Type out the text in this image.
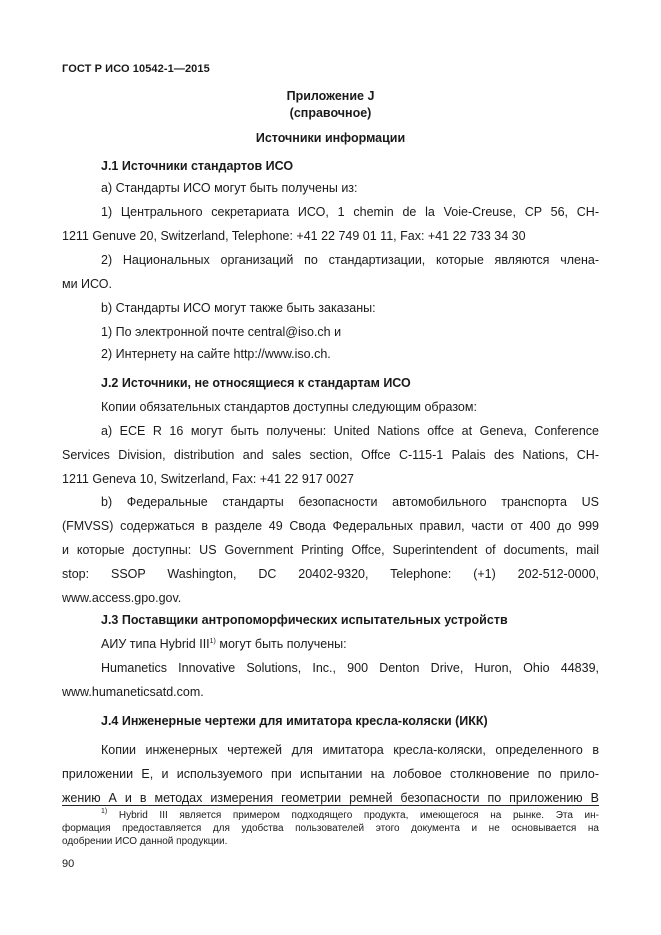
ГОСТ Р ИСО 10542-1—2015
Приложение J
(справочное)
Источники информации
J.1 Источники стандартов ИСО
а) Стандарты ИСО могут быть получены из:
1) Центрального секретариата ИСО, 1 chemin de la Voie-Creuse, CP 56, CH-
1211 Genuve 20, Switzerland, Telephone: +41 22 749 01 11, Fax: +41 22 733 34 30
2) Национальных организаций по стандартизации, которые являются члена-
ми ИСО.
b) Стандарты ИСО могут также быть заказаны:
1) По электронной почте central@iso.ch и
2) Интернету на сайте http://www.iso.ch.
J.2 Источники, не относящиеся к стандартам ИСО
Копии обязательных стандартов доступны следующим образом:
а) ECE R 16 могут быть получены: United Nations offce at Geneva, Conference
Services Division, distribution and sales section, Offce C-115-1 Palais des Nations, CH-
1211 Geneva 10, Switzerland, Fax: +41 22 917 0027
b) Федеральные стандарты безопасности автомобильного транспорта US
(FMVSS) содержаться в разделе 49 Свода Федеральных правил, части от 400 до 999
и которые доступны: US Government Printing Offce, Superintendent of documents, mail
stop: SSOP Washington, DC 20402-9320, Telephone: (+1) 202-512-0000,
www.access.gpo.gov.
J.3 Поставщики антропоморфических испытательных устройств
АИУ типа Hybrid III$^{1)}$ могут быть получены:
Humanetics Innovative Solutions, Inc., 900 Denton Drive, Huron, Ohio 44839,
www.humaneticsatd.com.
J.4 Инженерные чертежи для имитатора кресла-коляски (ИКК)
Копии инженерных чертежей для имитатора кресла-коляски, определенного в
приложении Е, и используемого при испытании на лобовое столкновение по прило-
жению А и в методах измерения геометрии ремней безопасности по приложению В
$^{1)}$ Hybrid III является примером подходящего продукта, имеющегося на рынке. Эта ин-
формация предоставляется для удобства пользователей этого документа и не основывается на
одобрении ИСО данной продукции.
90
